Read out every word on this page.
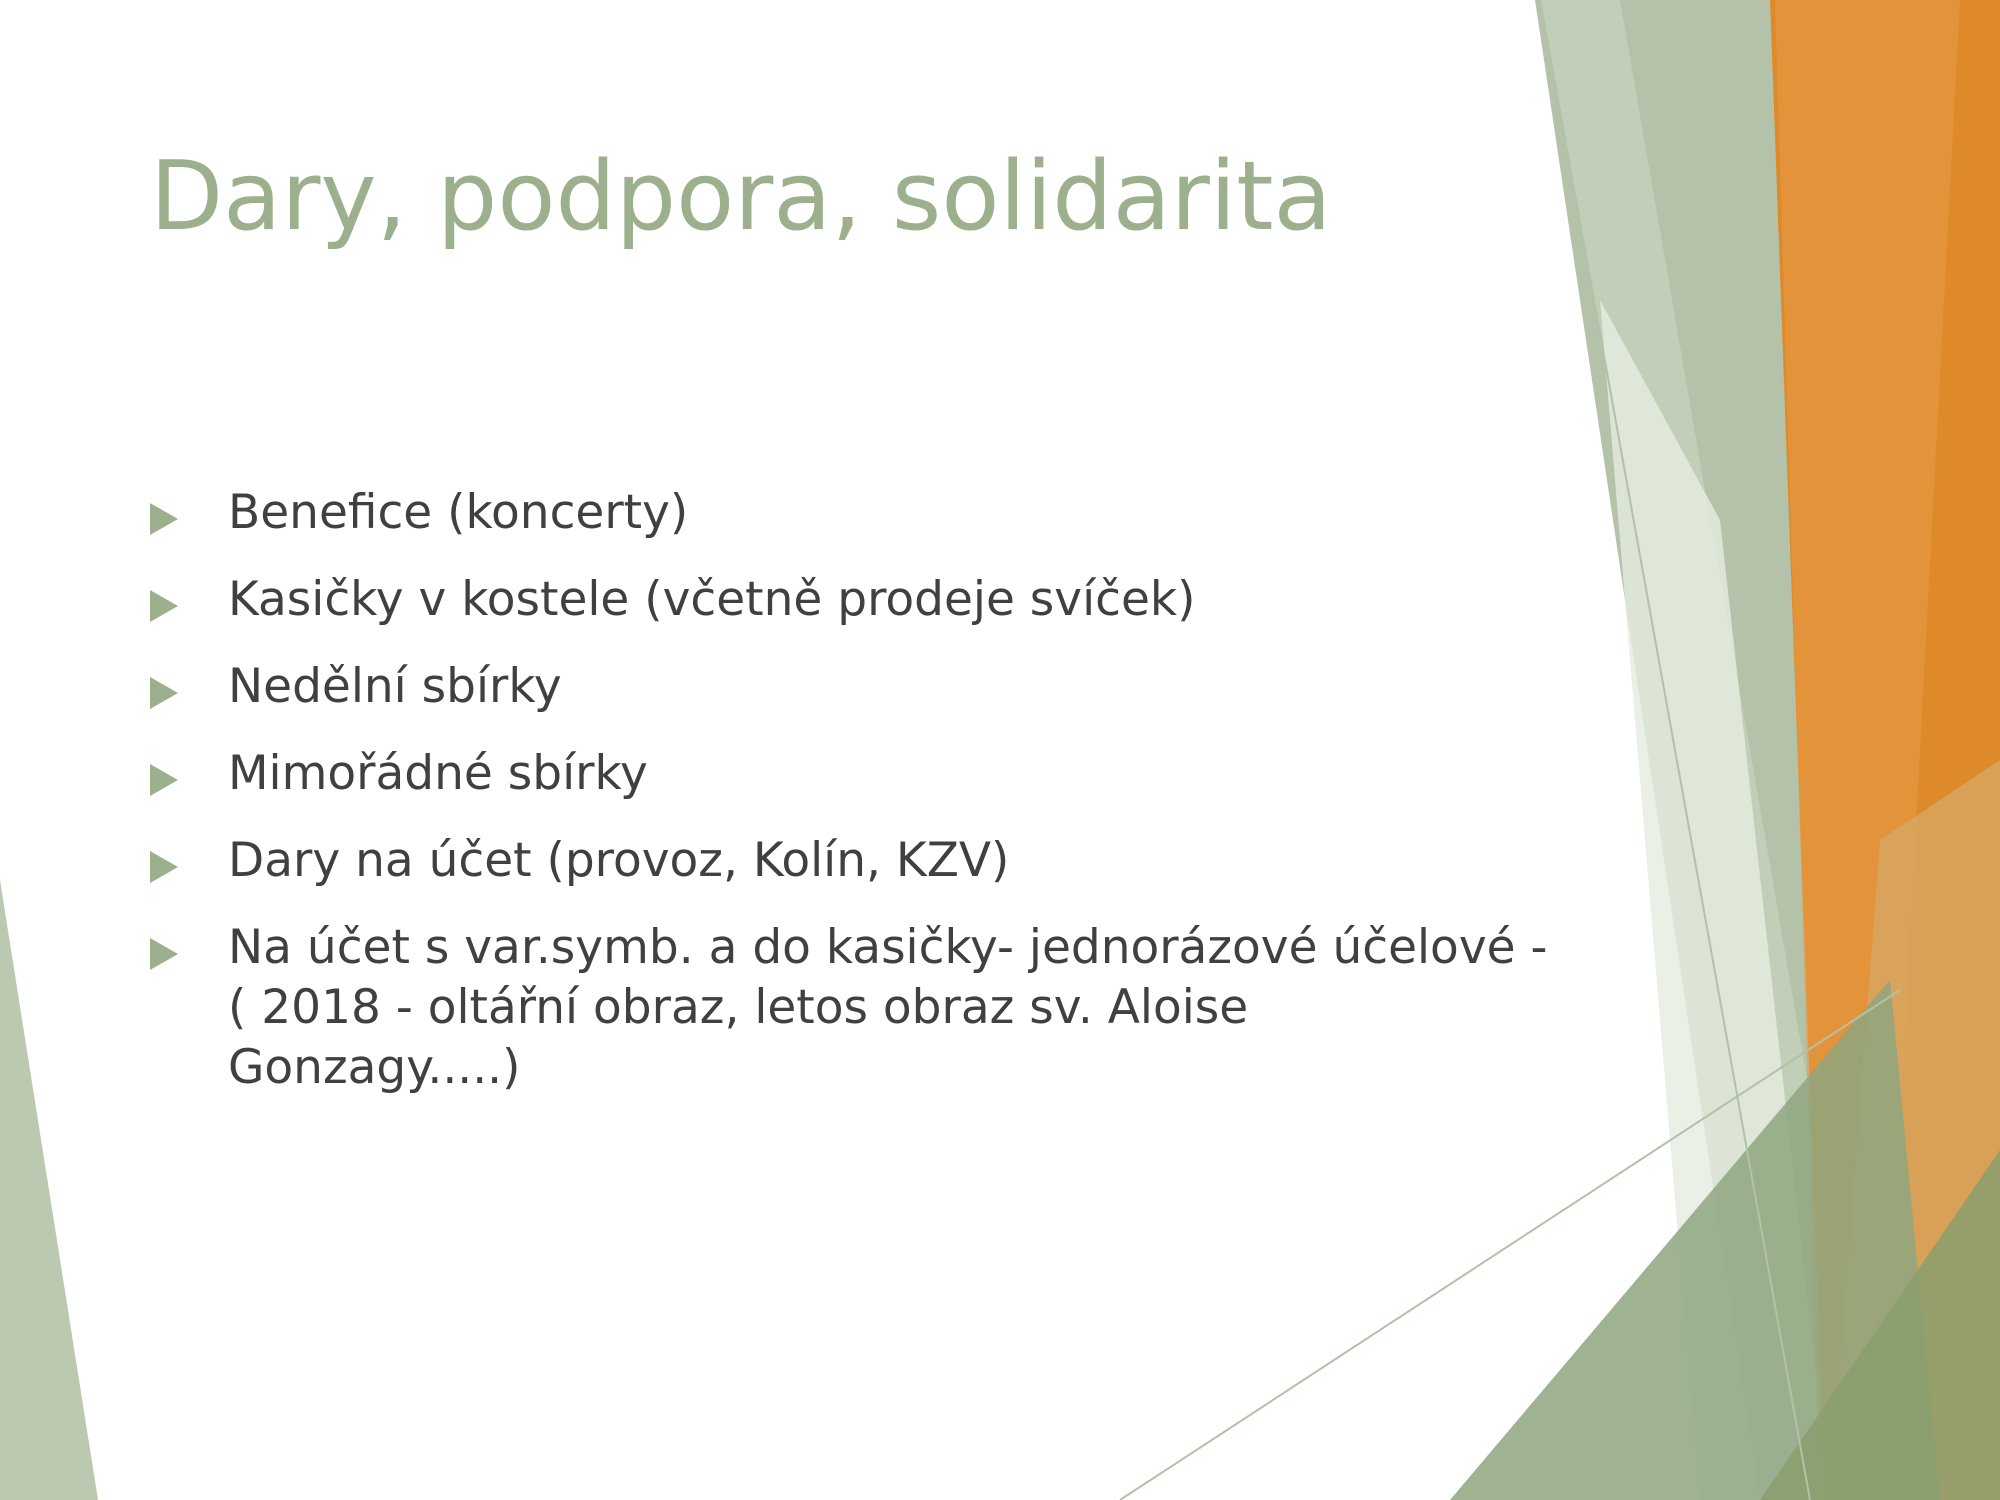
Dary, podpora, solidarita
Benefice (koncerty)
Kasičky v kostele (včetně prodeje svíček)
Nedělní sbírky
Mimořádné sbírky
Dary na účet (provoz, Kolín, KZV)
Na účet s var.symb. a do kasičky- jednorázové účelové - ( 2018 - oltářní obraz, letos obraz sv. Aloise Gonzagy.....)
